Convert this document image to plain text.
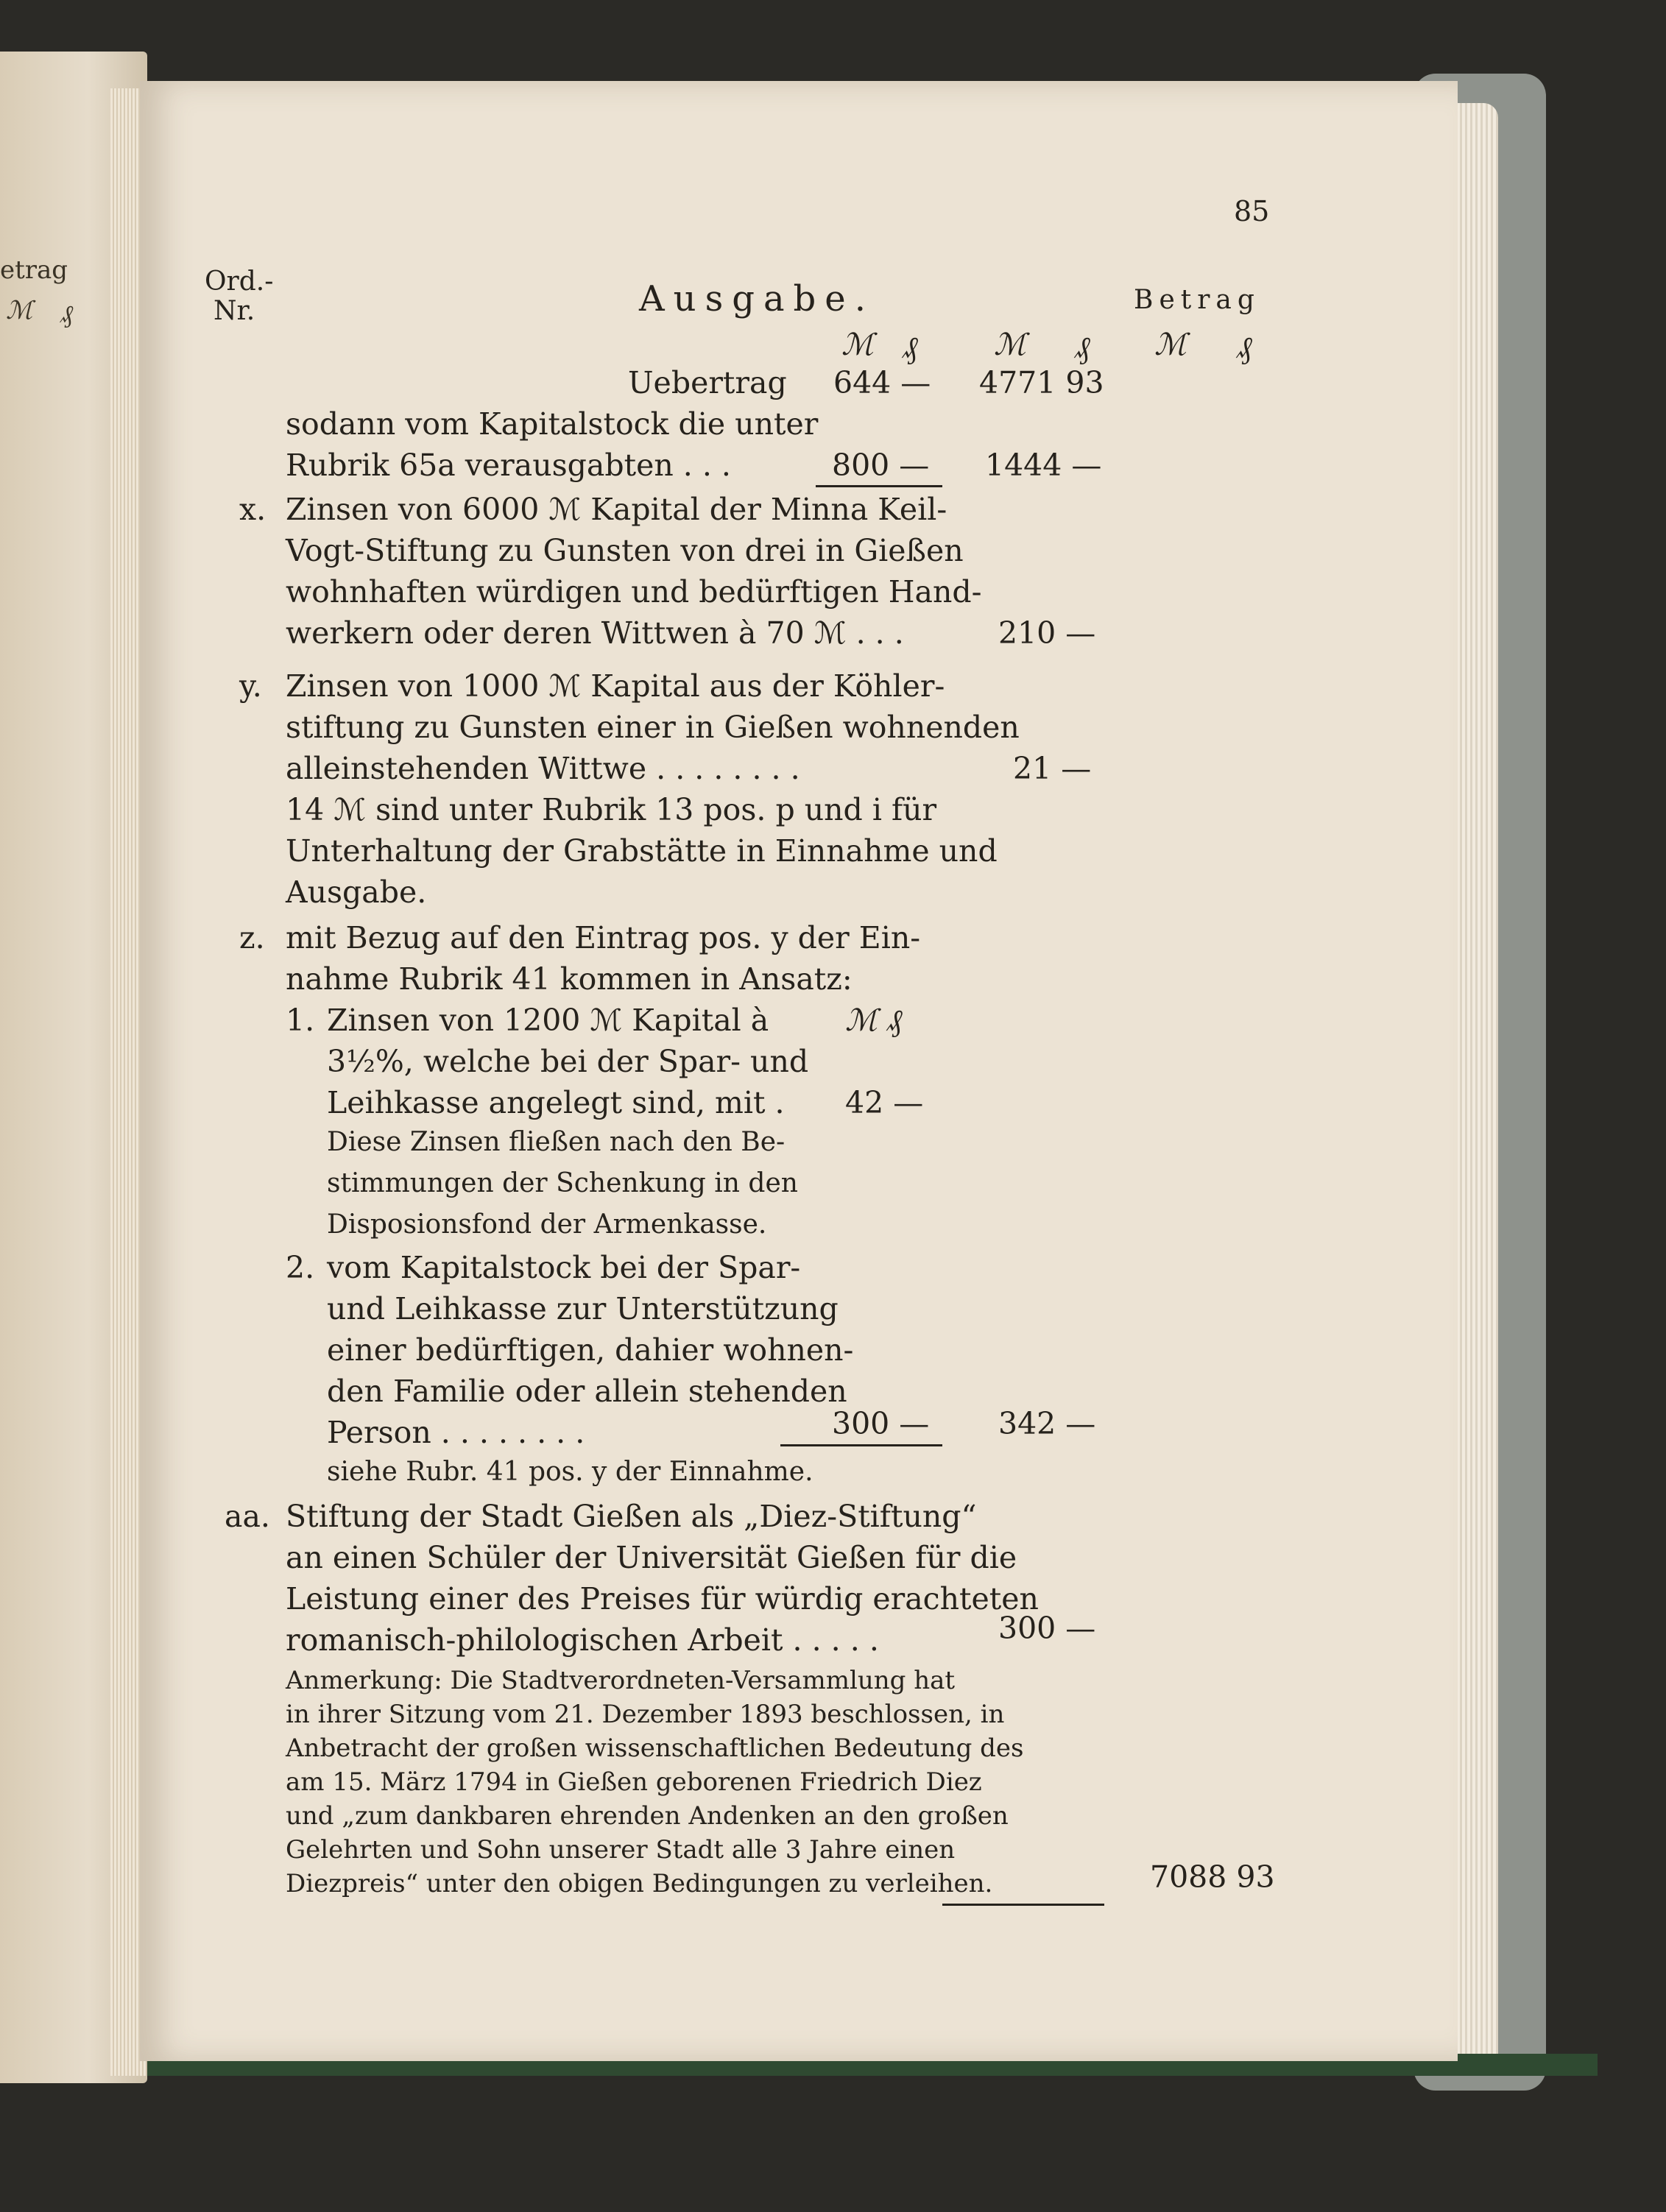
etrag
ℳ ₰
85
Ord.-
Nr.	Ausgabe.	Betrag
ℳ ₰	ℳ ₰ ℳ ₰
Uebertrag 644 — 4771 93
sodann vom Kapitalstock die unter
Rubrik 65a verausgabten . . .	800 — 1444 —
x. Zinsen von 6000 ℳ Kapital der Minna Keil-
Vogt-Stiftung zu Gunsten von drei in Gießen
wohnhaften würdigen und bedürftigen Hand-
werkern oder deren Wittwen à 70 ℳ . . .	210 —
y. Zinsen von 1000 ℳ Kapital aus der Köhler-
stiftung zu Gunsten einer in Gießen wohnenden
alleinstehenden Wittwe . . . . . . . .	21 —
14 ℳ sind unter Rubrik 13 pos. p und i für
Unterhaltung der Grabstätte in Einnahme und
Ausgabe.
z. mit Bezug auf den Eintrag pos. y der Ein-
nahme Rubrik 41 kommen in Ansatz:
1. Zinsen von 1200 ℳ Kapital à	ℳ ₰
3½%, welche bei der Spar- und
Leihkasse angelegt sind, mit . 42 —
Diese Zinsen fließen nach den Be-
stimmungen der Schenkung in den
Disposionsfond der Armenkasse.
2. vom Kapitalstock bei der Spar-
und Leihkasse zur Unterstützung
einer bedürftigen, dahier wohnen-
den Familie oder allein stehenden
Person . . . . . . . .	300 — 342 —
siehe Rubr. 41 pos. y der Einnahme.
aa. Stiftung der Stadt Gießen als „Diez-Stiftung“
an einen Schüler der Universität Gießen für die
Leistung einer des Preises für würdig erachteten
romanisch-philologischen Arbeit . . . . .	300 —
Anmerkung: Die Stadtverordneten-Versammlung hat
in ihrer Sitzung vom 21. Dezember 1893 beschlossen, in
Anbetracht der großen wissenschaftlichen Bedeutung des
am 15. März 1794 in Gießen geborenen Friedrich Diez
und „zum dankbaren ehrenden Andenken an den großen
Gelehrten und Sohn unserer Stadt alle 3 Jahre einen
Diezpreis“ unter den obigen Bedingungen zu verleihen.	7088 93
